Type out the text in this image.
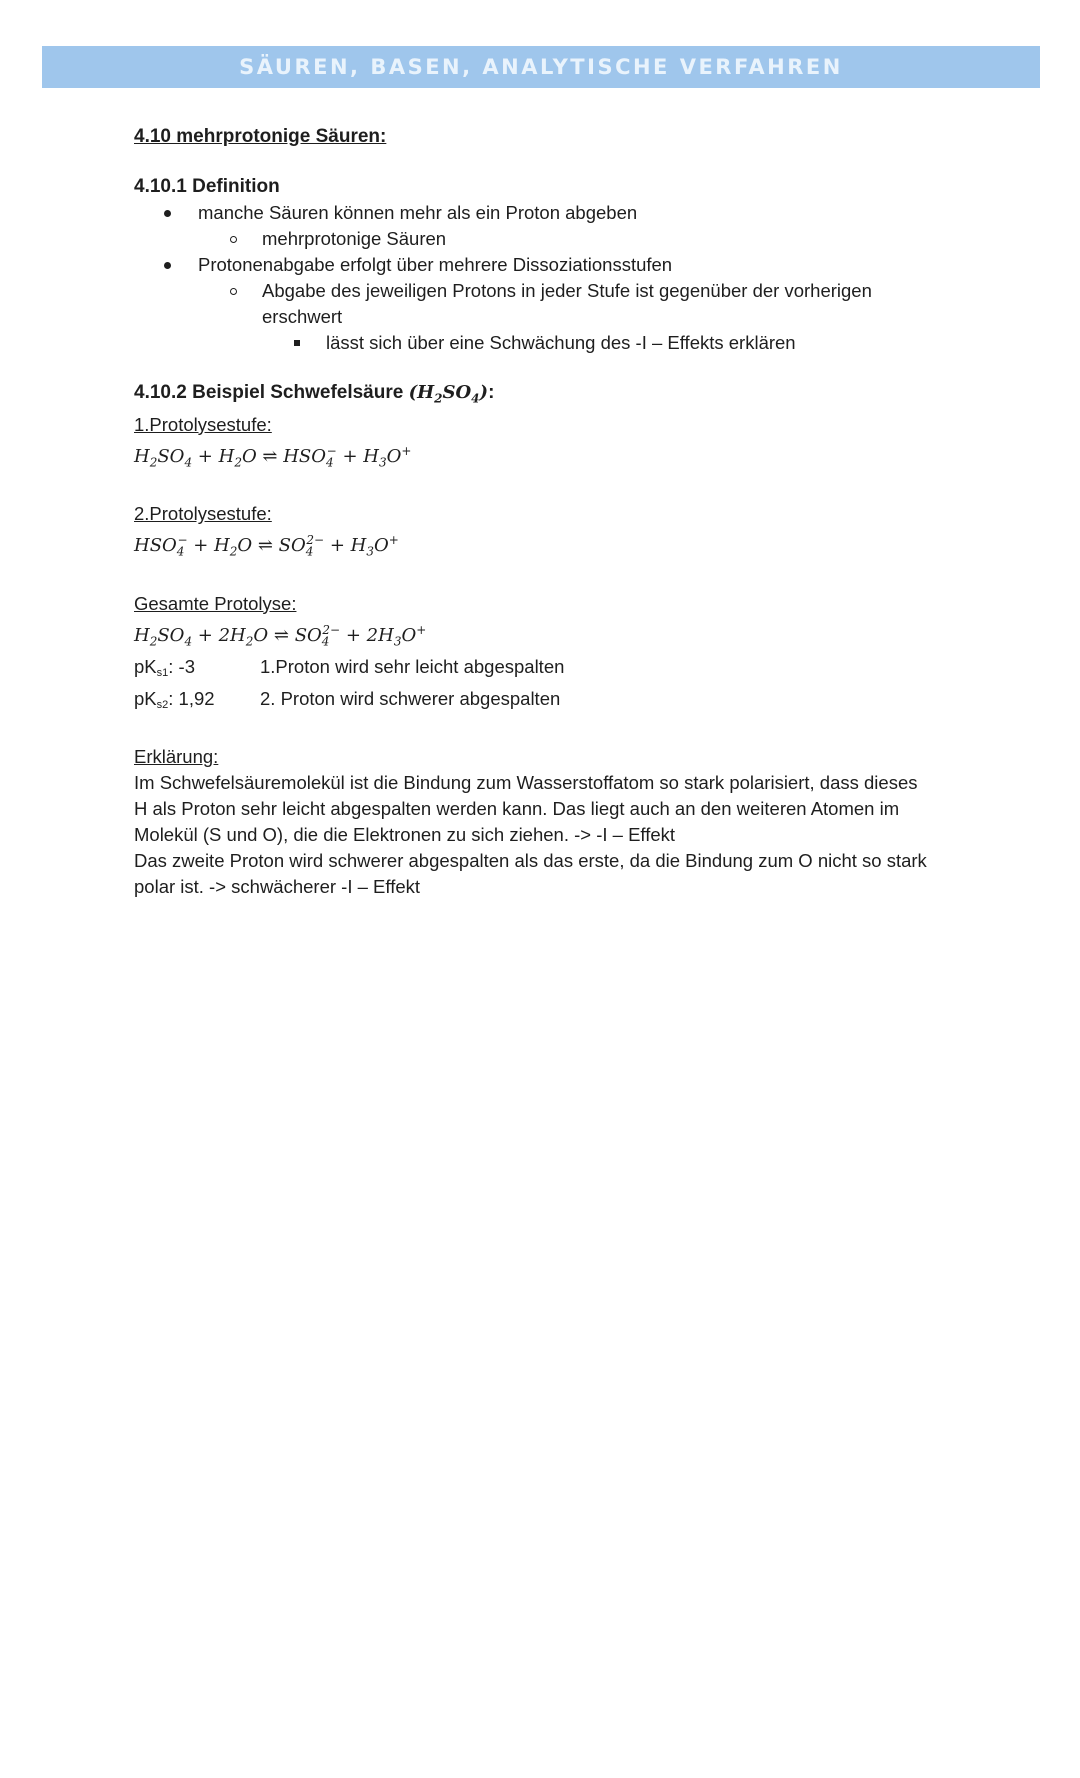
SÄUREN, BASEN, ANALYTISCHE VERFAHREN
4.10 mehrprotonige Säuren:
4.10.1 Definition
manche Säuren können mehr als ein Proton abgeben
mehrprotonige Säuren
Protonenabgabe erfolgt über mehrere Dissoziationsstufen
Abgabe des jeweiligen Protons in jeder Stufe ist gegenüber der vorherigen erschwert
lässt sich über eine Schwächung des -I – Effekts erklären
4.10.2 Beispiel Schwefelsäure $(H_2SO_4)$:
1.Protolysestufe:
$H_2SO_4 + H_2O$ ⇌ $HSO_4^- + H_3O^+$
2.Protolysestufe:
$HSO_4^- + H_2O$ ⇌ $SO_4^{2-} + H_3O^+$
Gesamte Protolyse:
$H_2SO_4 + 2H_2O$ ⇌ $SO_4^{2-} + 2H_3O^+$
pKs1: -3	1.Proton wird sehr leicht abgespalten
pKs2: 1,92	2. Proton wird schwerer abgespalten
Erklärung:

Im Schwefelsäuremolekül ist die Bindung zum Wasserstoffatom so stark polarisiert, dass dieses H als Proton sehr leicht abgespalten werden kann. Das liegt auch an den weiteren Atomen im Molekül (S und O), die die Elektronen zu sich ziehen. -> -I – Effekt

Das zweite Proton wird schwerer abgespalten als das erste, da die Bindung zum O nicht so stark polar ist. -> schwächerer -I – Effekt
